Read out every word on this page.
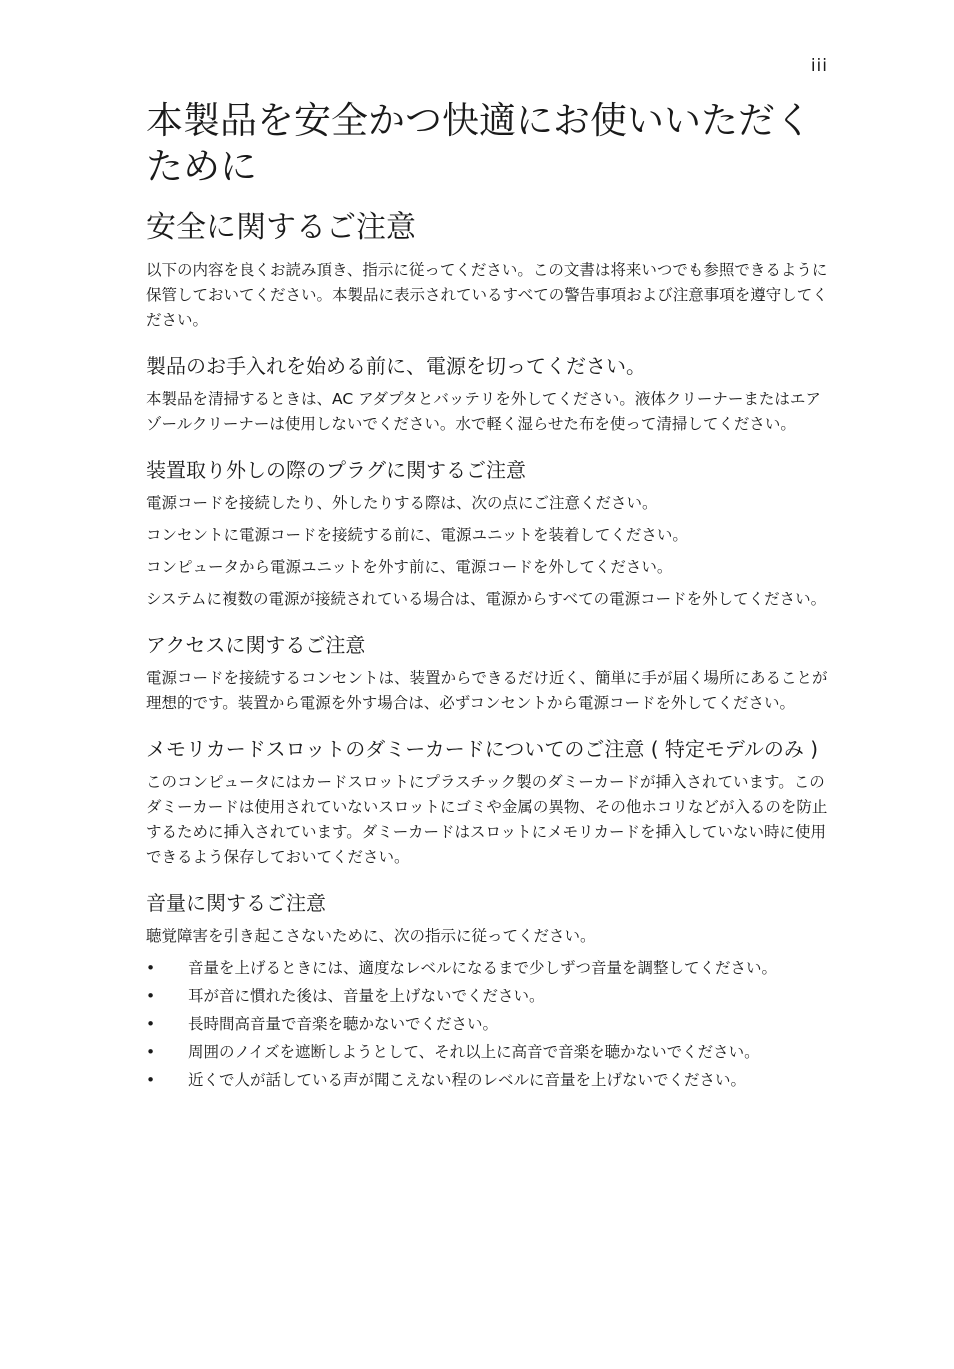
iii
本製品を安全かつ快適にお使いいただくために
安全に関するご注意

以下の内容を良くお読み頂き、指示に従ってください。この文書は将来いつでも参照できるように保管しておいてください。本製品に表示されているすべての警告事項および注意事項を遵守してください。

製品のお手入れを始める前に、電源を切ってください。

本製品を清掃するときは、AC アダプタとバッテリを外してください。液体クリーナーまたはエアゾールクリーナーは使用しないでください。水で軽く湿らせた布を使って清掃してください。

装置取り外しの際のプラグに関するご注意

電源コードを接続したり、外したりする際は、次の点にご注意ください。

コンセントに電源コードを接続する前に、電源ユニットを装着してください。

コンピュータから電源ユニットを外す前に、電源コードを外してください。

システムに複数の電源が接続されている場合は、電源からすべての電源コードを外してください。

アクセスに関するご注意

電源コードを接続するコンセントは、装置からできるだけ近く、簡単に手が届く場所にあることが理想的です。装置から電源を外す場合は、必ずコンセントから電源コードを外してください。

メモリカードスロットのダミーカードについてのご注意 ( 特定モデルのみ )

このコンピュータにはカードスロットにプラスチック製のダミーカードが挿入されています。このダミーカードは使用されていないスロットにゴミや金属の異物、その他ホコリなどが入るのを防止するために挿入されています。ダミーカードはスロットにメモリカードを挿入していない時に使用できるよう保存しておいてください。

音量に関するご注意

聴覚障害を引き起こさないために、次の指示に従ってください。

• 音量を上げるときには、適度なレベルになるまで少しずつ音量を調整してください。
• 耳が音に慣れた後は、音量を上げないでください。
• 長時間高音量で音楽を聴かないでください。
• 周囲のノイズを遮断しようとして、それ以上に高音で音楽を聴かないでください。
• 近くで人が話している声が聞こえない程のレベルに音量を上げないでください。
